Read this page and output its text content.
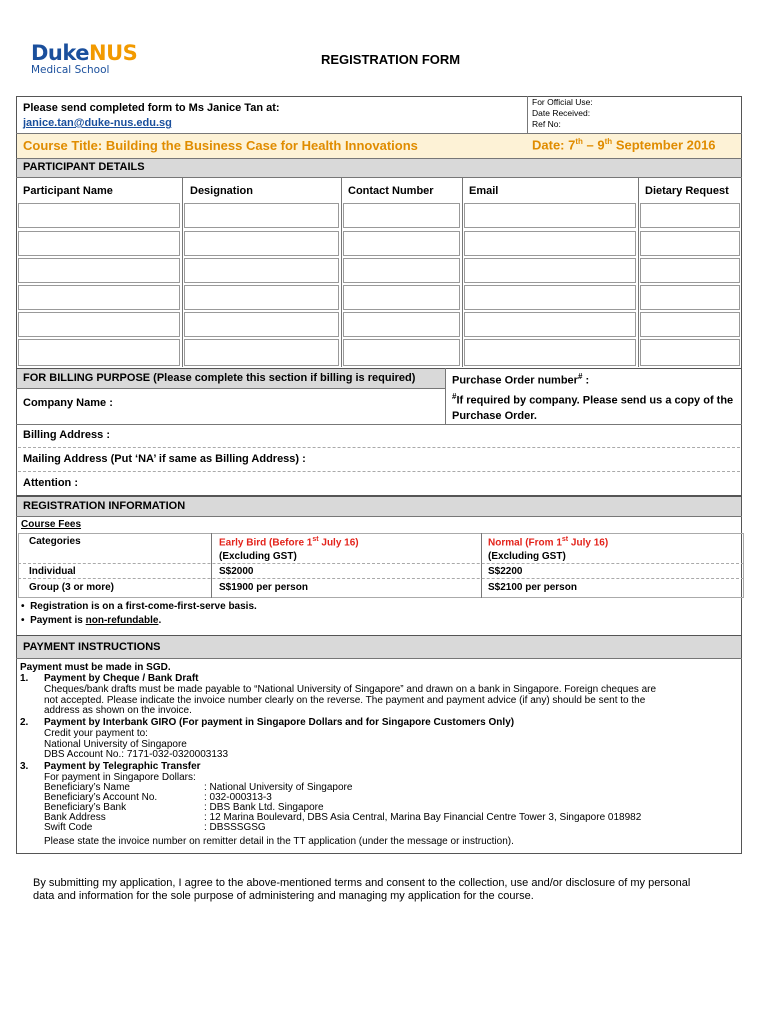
DukeNUS
Medical School
REGISTRATION FORM
For Official Use:
Date Received:
Ref No:
Please send completed form to Ms Janice Tan at:
janice.tan@duke-nus.edu.sg
Course Title: Building the Business Case for Health Innovations	Date: 7th – 9th September 2016
PARTICIPANT DETAILS
Participant Name	Designation	Contact Number	Email	Dietary Request
FOR BILLING PURPOSE (Please complete this section if billing is required)	Purchase Order number# :
#If required by company. Please send us a copy of the
Purchase Order.
Company Name :
Billing Address :
Mailing Address (Put ‘NA’ if same as Billing Address) :
Attention :
REGISTRATION INFORMATION
Course Fees
Categories	Early Bird (Before 1st July 16)	Normal (From 1st July 16)
(Excluding GST)	(Excluding GST)
Individual	S$2000	S$2200
Group (3 or more)	S$1900 per person	S$2100 per person
•  Registration is on a first-come-first-serve basis.
•  Payment is non-refundable.
PAYMENT INSTRUCTIONS
Payment must be made in SGD.
1. Payment by Cheque / Bank Draft
Cheques/bank drafts must be made payable to “National University of Singapore” and drawn on a bank in Singapore. Foreign cheques are
not accepted. Please indicate the invoice number clearly on the reverse. The payment and payment advice (if any) should be sent to the
address as shown on the invoice.
2. Payment by Interbank GIRO (For payment in Singapore Dollars and for Singapore Customers Only)
Credit your payment to:
National University of Singapore
DBS Account No.: 7171-032-0320003133
3. Payment by Telegraphic Transfer
For payment in Singapore Dollars:
Beneficiary’s Name	: National University of Singapore
Beneficiary’s Account No.	: 032-000313-3
Beneficiary’s Bank	: DBS Bank Ltd. Singapore
Bank Address	: 12 Marina Boulevard, DBS Asia Central, Marina Bay Financial Centre Tower 3, Singapore 018982
Swift Code	: DBSSSGSG
Please state the invoice number on remitter detail in the TT application (under the message or instruction).
By submitting my application, I agree to the above-mentioned terms and consent to the collection, use and/or disclosure of my personal
data and information for the sole purpose of administering and managing my application for the course.
